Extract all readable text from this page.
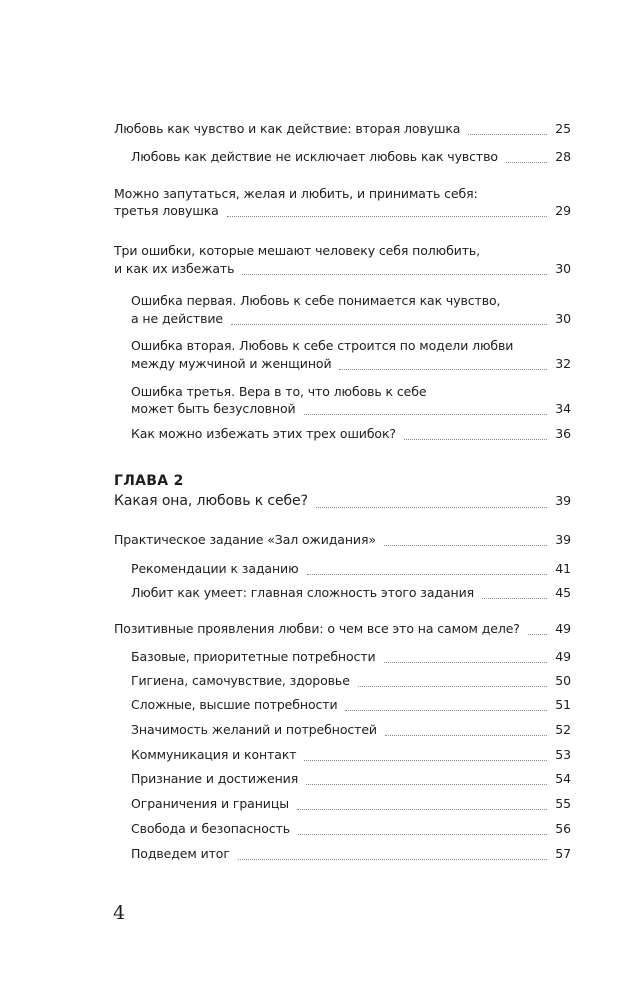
Любовь как чувство и как действие: вторая ловушка	25
Любовь как действие не исключает любовь как чувство	28
Можно запутаться, желая и любить, и принимать себя:
третья ловушка	29
Три ошибки, которые мешают человеку себя полюбить,
и как их избежать	30
Ошибка первая. Любовь к себе понимается как чувство,
а не действие	30
Ошибка вторая. Любовь к себе строится по модели любви
между мужчиной и женщиной	32
Ошибка третья. Вера в то, что любовь к себе
может быть безусловной	34
Как можно избежать этих трех ошибок?	36
ГЛАВА 2
Какая она, любовь к себе?	39
Практическое задание «Зал ожидания»	39
Рекомендации к заданию	41
Любит как умеет: главная сложность этого задания	45
Позитивные проявления любви: о чем все это на самом деле?	49
Базовые, приоритетные потребности	49
Гигиена, самочувствие, здоровье	50
Сложные, высшие потребности	51
Значимость желаний и потребностей	52
Коммуникация и контакт	53
Признание и достижения	54
Ограничения и границы	55
Свобода и безопасность	56
Подведем итог	57
4
